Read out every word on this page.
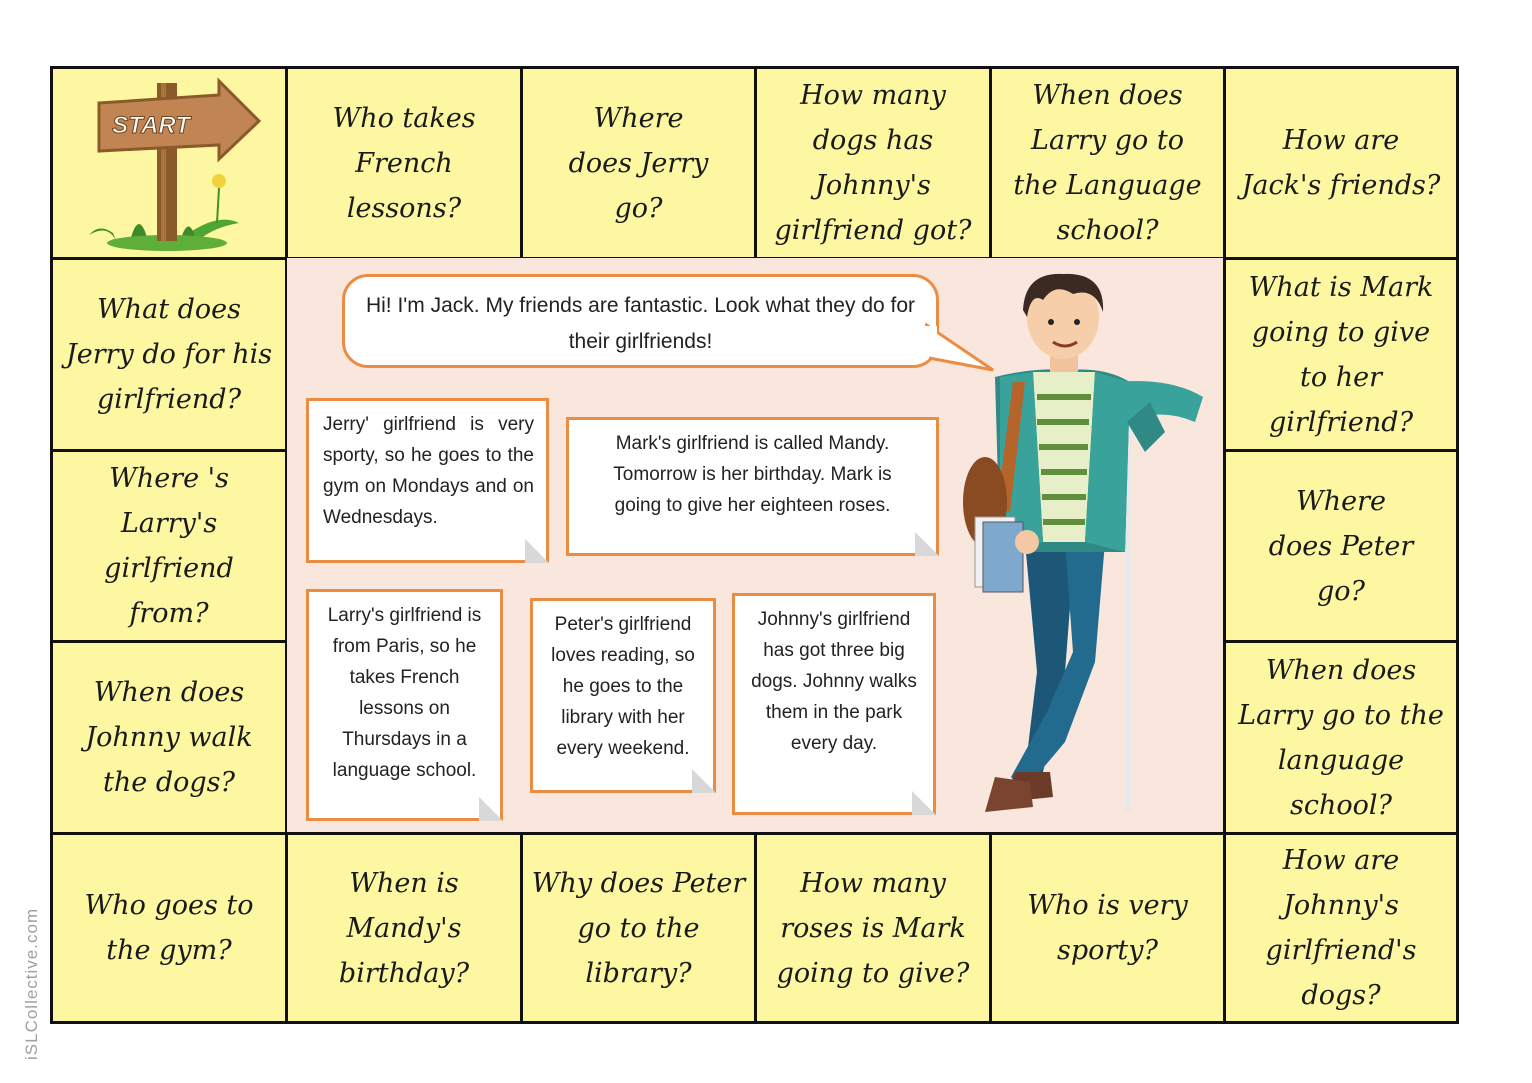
START	Who takes French lessons?
Where does Jerry go?
How many dogs has Johnny's girlfriend got?
When does Larry go to the Language school?
How are Jack's friends?
What does Jerry do for his girlfriend?
Where 's Larry's girlfriend from?
When does Johnny walk the dogs?
What is Mark going to give to her girlfriend?
Where does Peter go?
When does Larry go to the language school?
Who goes to the gym?
When is Mandy's birthday?
Why does Peter go to the library?
How many roses is Mark going to give?
Who is very sporty?
How are Johnny's girlfriend's dogs?
Hi! I'm Jack. My friends are fantastic. Look what they do for their girlfriends!
Jerry' girlfriend is very sporty, so he goes to the gym on Mondays and on Wednesdays.
Mark's girlfriend is called Mandy. Tomorrow is her birthday. Mark is going to give her eighteen roses.
Larry's girlfriend is from Paris, so he takes French lessons on Thursdays in a language school.
Peter's girlfriend loves reading, so he goes to the library with her every weekend.
Johnny's girlfriend has got three big dogs. Johnny walks them in the park every day.
iSLCollective.com
